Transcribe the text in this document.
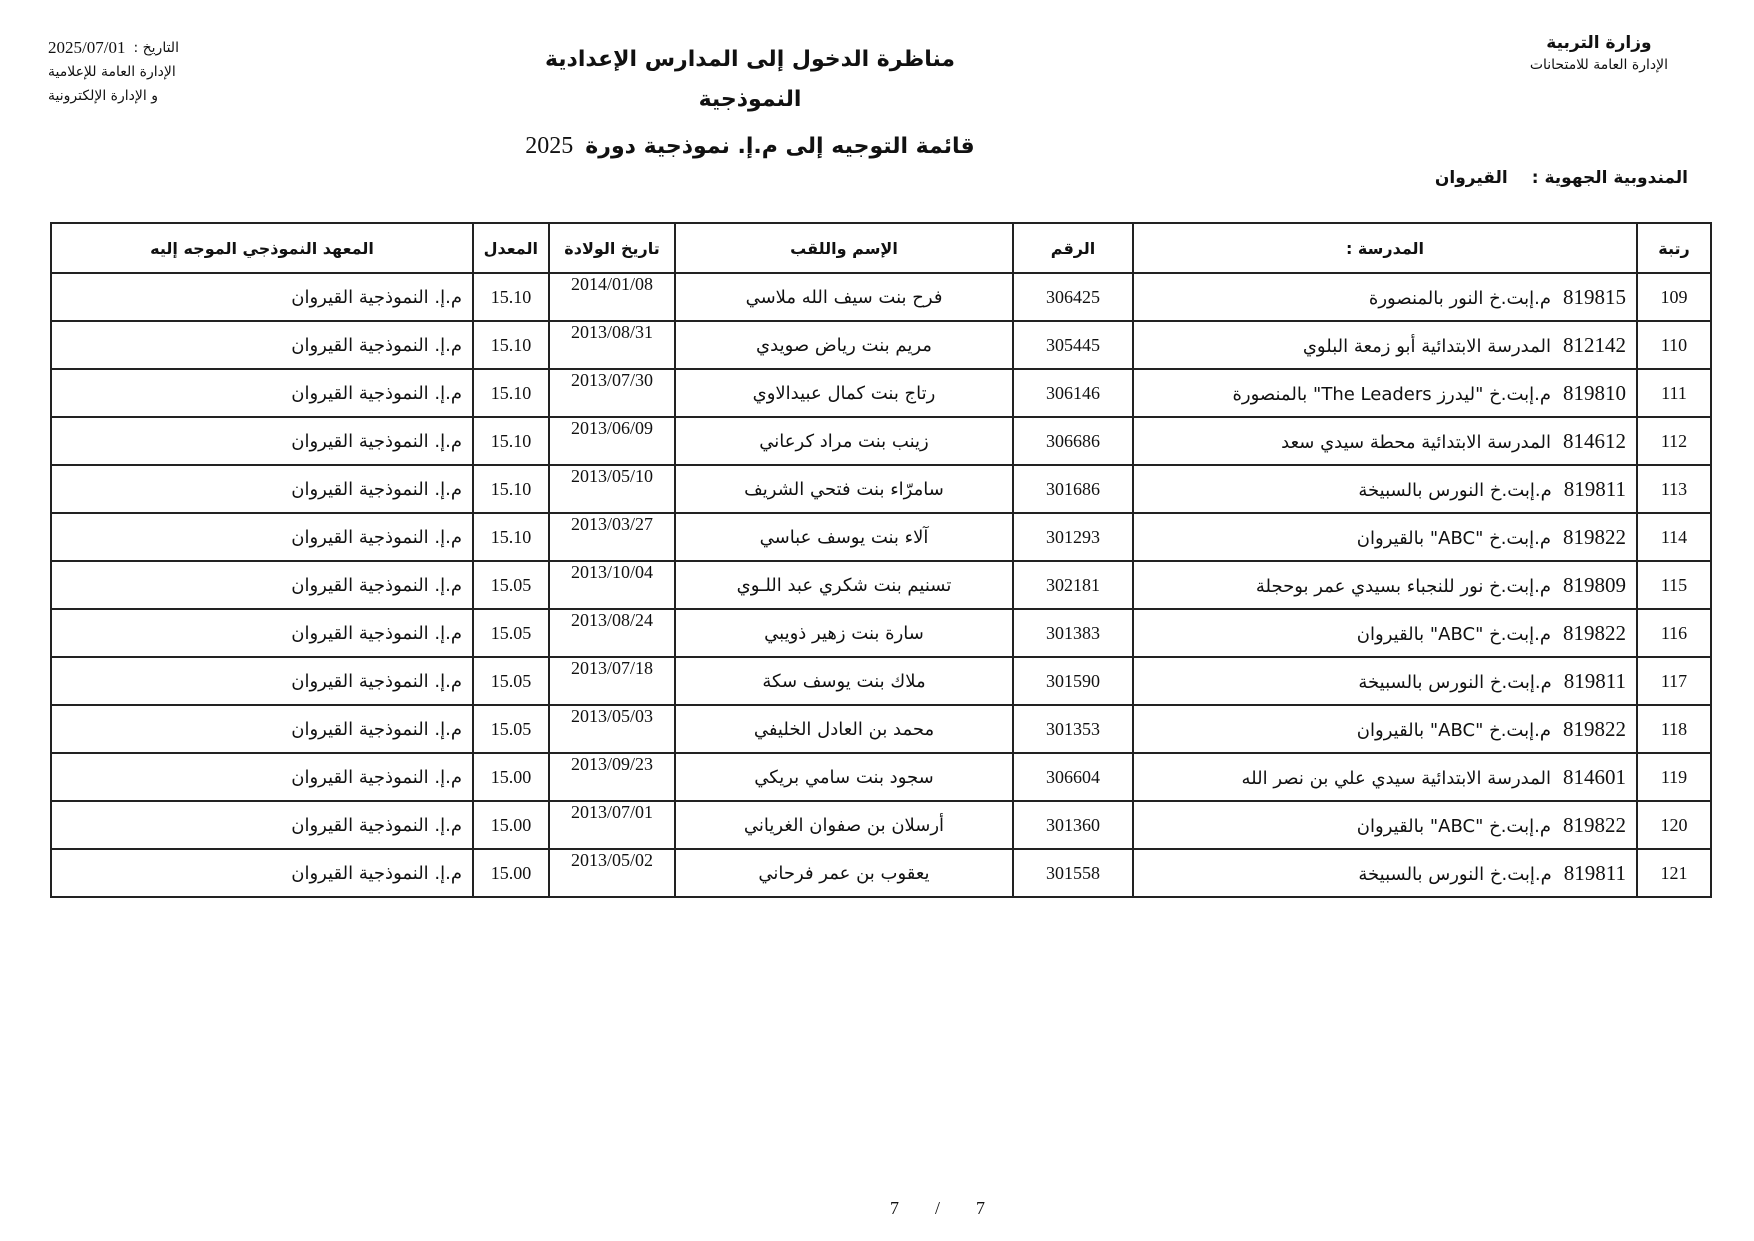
وزارة التربية
الإدارة العامة للامتحانات
التاريخ :
2025/07/01
الإدارة العامة للإعلامية
و الإدارة الإلكترونية
مناظرة الدخول إلى المدارس الإعدادية النموذجية
قائمة التوجيه إلى م.إ. نموذجية دورة2025
المندوبية الجهوية :
القيروان
رتبة	المدرسة :	الرقم	الإسم واللقب	تاريخ الولادة	المعدل	المعهد النموذجي الموجه إليه
109	819815م.إبت.خ النور بالمنصورة	306425	فرح بنت سيف الله ملاسي	2014/01/08	15.10	م.إ. النموذجية القيروان
110	812142المدرسة الابتدائية أبو زمعة البلوي	305445	مريم بنت رياض صويدي	2013/08/31	15.10	م.إ. النموذجية القيروان
111	819810م.إبت.خ "ليدرز The Leaders" بالمنصورة	306146	رتاج بنت كمال عبيدالاوي	2013/07/30	15.10	م.إ. النموذجية القيروان
112	814612المدرسة الابتدائية محطة سيدي سعد	306686	زينب بنت مراد كرعاني	2013/06/09	15.10	م.إ. النموذجية القيروان
113	819811م.إبت.خ النورس بالسبيخة	301686	سامرّاء بنت فتحي الشريف	2013/05/10	15.10	م.إ. النموذجية القيروان
114	819822م.إبت.خ "ABC" بالقيروان	301293	آلاء بنت يوسف عباسي	2013/03/27	15.10	م.إ. النموذجية القيروان
115	819809م.إبت.خ نور للنجباء بسيدي عمر بوحجلة	302181	تسنيم بنت شكري عبد اللـوي	2013/10/04	15.05	م.إ. النموذجية القيروان
116	819822م.إبت.خ "ABC" بالقيروان	301383	سارة بنت زهير ذويبي	2013/08/24	15.05	م.إ. النموذجية القيروان
117	819811م.إبت.خ النورس بالسبيخة	301590	ملاك بنت يوسف سكة	2013/07/18	15.05	م.إ. النموذجية القيروان
118	819822م.إبت.خ "ABC" بالقيروان	301353	محمد بن العادل الخليفي	2013/05/03	15.05	م.إ. النموذجية القيروان
119	814601المدرسة الابتدائية سيدي علي بن نصر الله	306604	سجود بنت سامي بريكي	2013/09/23	15.00	م.إ. النموذجية القيروان
120	819822م.إبت.خ "ABC" بالقيروان	301360	أرسلان بن صفوان الغرياني	2013/07/01	15.00	م.إ. النموذجية القيروان
121	819811م.إبت.خ النورس بالسبيخة	301558	يعقوب بن عمر فرحاني	2013/05/02	15.00	م.إ. النموذجية القيروان
7 / 7
